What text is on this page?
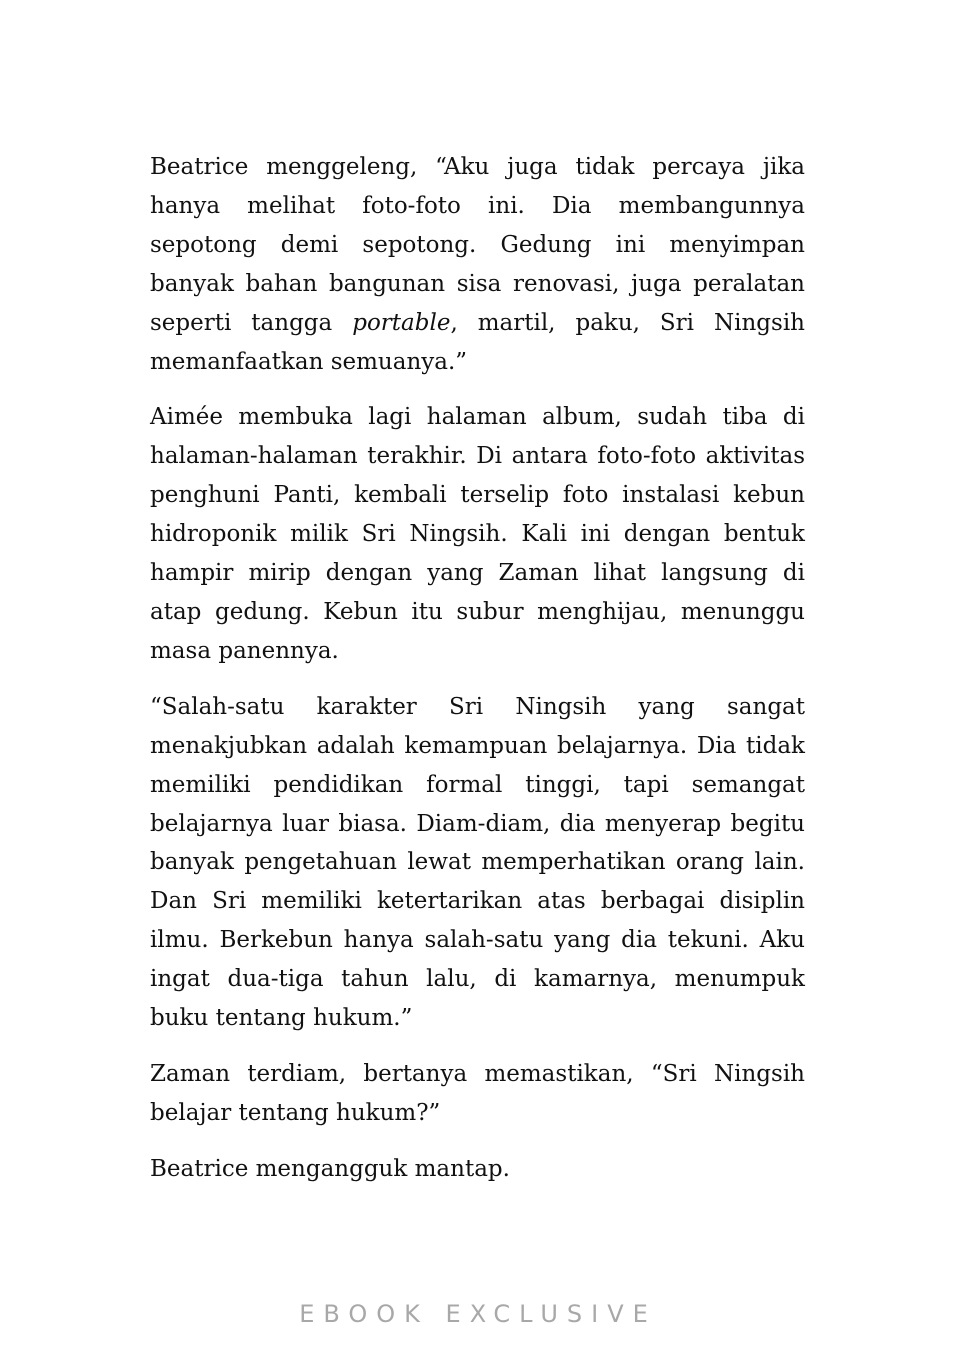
Beatrice menggeleng, “Aku juga tidak percaya jika hanya melihat foto-foto ini. Dia membangunnya sepotong demi sepotong. Gedung ini menyimpan banyak bahan bangunan sisa renovasi, juga peralatan seperti tangga portable, martil, paku, Sri Ningsih memanfaatkan semuanya.”

Aimée membuka lagi halaman album, sudah tiba di halaman-halaman terakhir. Di antara foto-foto aktivitas penghuni Panti, kembali terselip foto instalasi kebun hidroponik milik Sri Ningsih. Kali ini dengan bentuk hampir mirip dengan yang Zaman lihat langsung di atap gedung. Kebun itu subur menghijau, menunggu masa panennya.

“Salah-satu karakter Sri Ningsih yang sangat menakjubkan adalah kemampuan belajarnya. Dia tidak memiliki pendidikan formal tinggi, tapi semangat belajarnya luar biasa. Diam-diam, dia menyerap begitu banyak pengetahuan lewat memperhatikan orang lain. Dan Sri memiliki ketertarikan atas berbagai disiplin ilmu. Berkebun hanya salah-satu yang dia tekuni. Aku ingat dua-tiga tahun lalu, di kamarnya, menumpuk buku tentang hukum.”

Zaman terdiam, bertanya memastikan, “Sri Ningsih belajar tentang hukum?”

Beatrice mengangguk mantap.

EBOOK EXCLUSIVE
